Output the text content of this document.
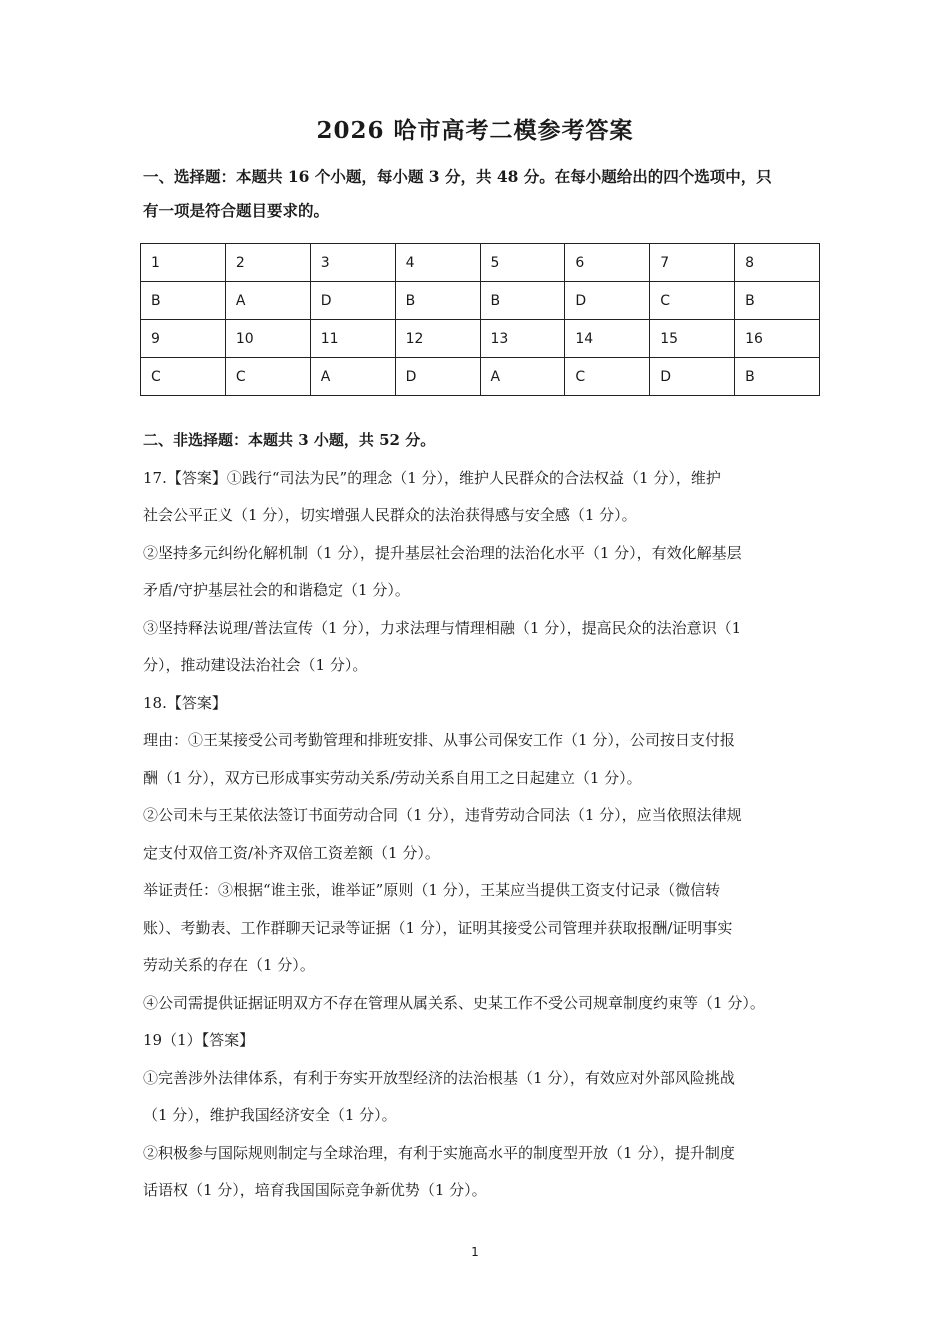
2026 哈市高考二模参考答案
一、选择题：本题共 16 个小题，每小题 3 分，共 48 分。在每小题给出的四个选项中，只
有一项是符合题目要求的。
1	2	3	4	5	6	7	8
B	A	D	B	B	D	C	B
9	10	11	12	13	14	15	16
C	C	A	D	A	C	D	B
二、非选择题：本题共 3 小题，共 52 分。
17.【答案】①践行“司法为民”的理念（1 分），维护人民群众的合法权益（1 分），维护
社会公平正义（1 分），切实增强人民群众的法治获得感与安全感（1 分）。
②坚持多元纠纷化解机制（1 分），提升基层社会治理的法治化水平（1 分），有效化解基层
矛盾/守护基层社会的和谐稳定（1 分）。
③坚持释法说理/普法宣传（1 分），力求法理与情理相融（1 分），提高民众的法治意识（1
分），推动建设法治社会（1 分）。
18.【答案】
理由：①王某接受公司考勤管理和排班安排、从事公司保安工作（1 分），公司按日支付报
酬（1 分），双方已形成事实劳动关系/劳动关系自用工之日起建立（1 分）。
②公司未与王某依法签订书面劳动合同（1 分），违背劳动合同法（1 分），应当依照法律规
定支付双倍工资/补齐双倍工资差额（1 分）。
举证责任：③根据“谁主张，谁举证”原则（1 分），王某应当提供工资支付记录（微信转
账）、考勤表、工作群聊天记录等证据（1 分），证明其接受公司管理并获取报酬/证明事实
劳动关系的存在（1 分）。
④公司需提供证据证明双方不存在管理从属关系、史某工作不受公司规章制度约束等（1 分）。
19（1）【答案】
①完善涉外法律体系，有利于夯实开放型经济的法治根基（1 分），有效应对外部风险挑战
（1 分），维护我国经济安全（1 分）。
②积极参与国际规则制定与全球治理，有利于实施高水平的制度型开放（1 分），提升制度
话语权（1 分），培育我国国际竞争新优势（1 分）。
1
